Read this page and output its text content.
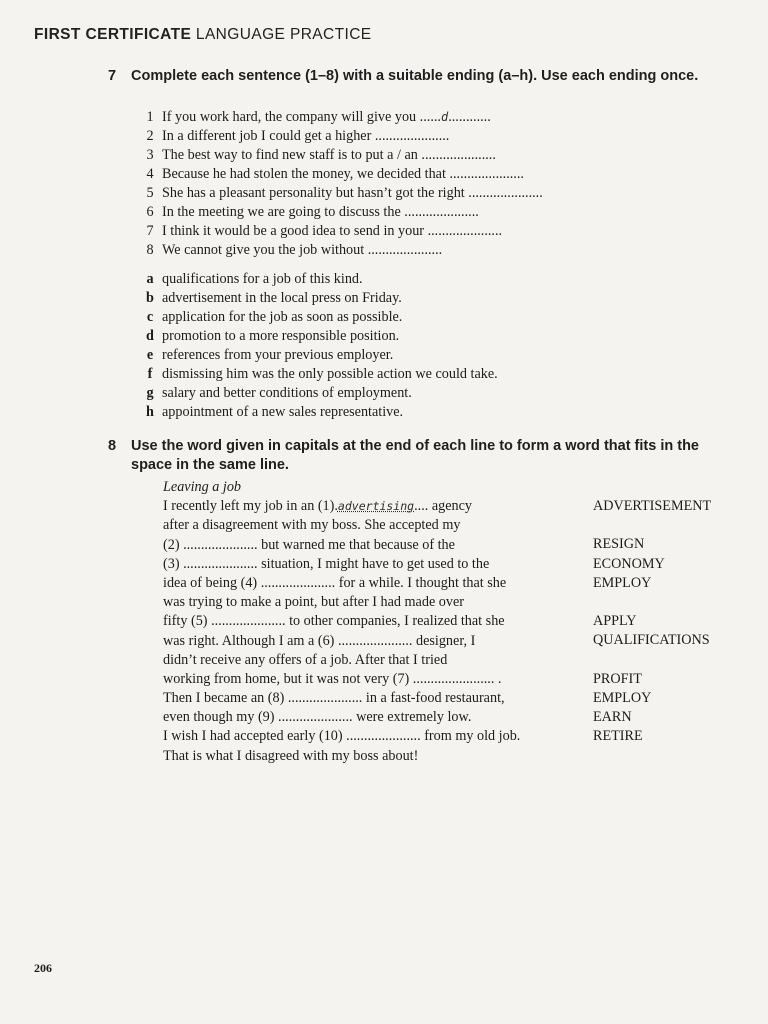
FIRST CERTIFICATE LANGUAGE PRACTICE
7	Complete each sentence (1–8) with a suitable ending (a–h). Use each ending once.
1 If you work hard, the company will give you ......d............
2 In a different job I could get a higher .....................
3 The best way to find new staff is to put a / an .....................
4 Because he had stolen the money, we decided that .....................
5 She has a pleasant personality but hasn’t got the right .....................
6 In the meeting we are going to discuss the .....................
7 I think it would be a good idea to send in your .....................
8 We cannot give you the job without .....................
a qualifications for a job of this kind.
b advertisement in the local press on Friday.
c application for the job as soon as possible.
d promotion to a more responsible position.
e references from your previous employer.
f dismissing him was the only possible action we could take.
g salary and better conditions of employment.
h appointment of a new sales representative.
8	Use the word given in capitals at the end of each line to form a word that fits in the space in the same line.
Leaving a job
I recently left my job in an (1).advertising.... agency
after a disagreement with my boss. She accepted my
(2) ..................... but warned me that because of the
(3) ..................... situation, I might have to get used to the
idea of being (4) ..................... for a while. I thought that she
was trying to make a point, but after I had made over
fifty (5) ..................... to other companies, I realized that she
was right. Although I am a (6) ..................... designer, I
didn’t receive any offers of a job. After that I tried
working from home, but it was not very (7) ....................... .
Then I became an (8) ..................... in a fast-food restaurant,
even though my (9) ..................... were extremely low.
I wish I had accepted early (10) ..................... from my old job.
That is what I disagreed with my boss about!
ADVERTISEMENT
RESIGN
ECONOMY
EMPLOY
APPLY
QUALIFICATIONS
PROFIT
EMPLOY
EARN
RETIRE
206
